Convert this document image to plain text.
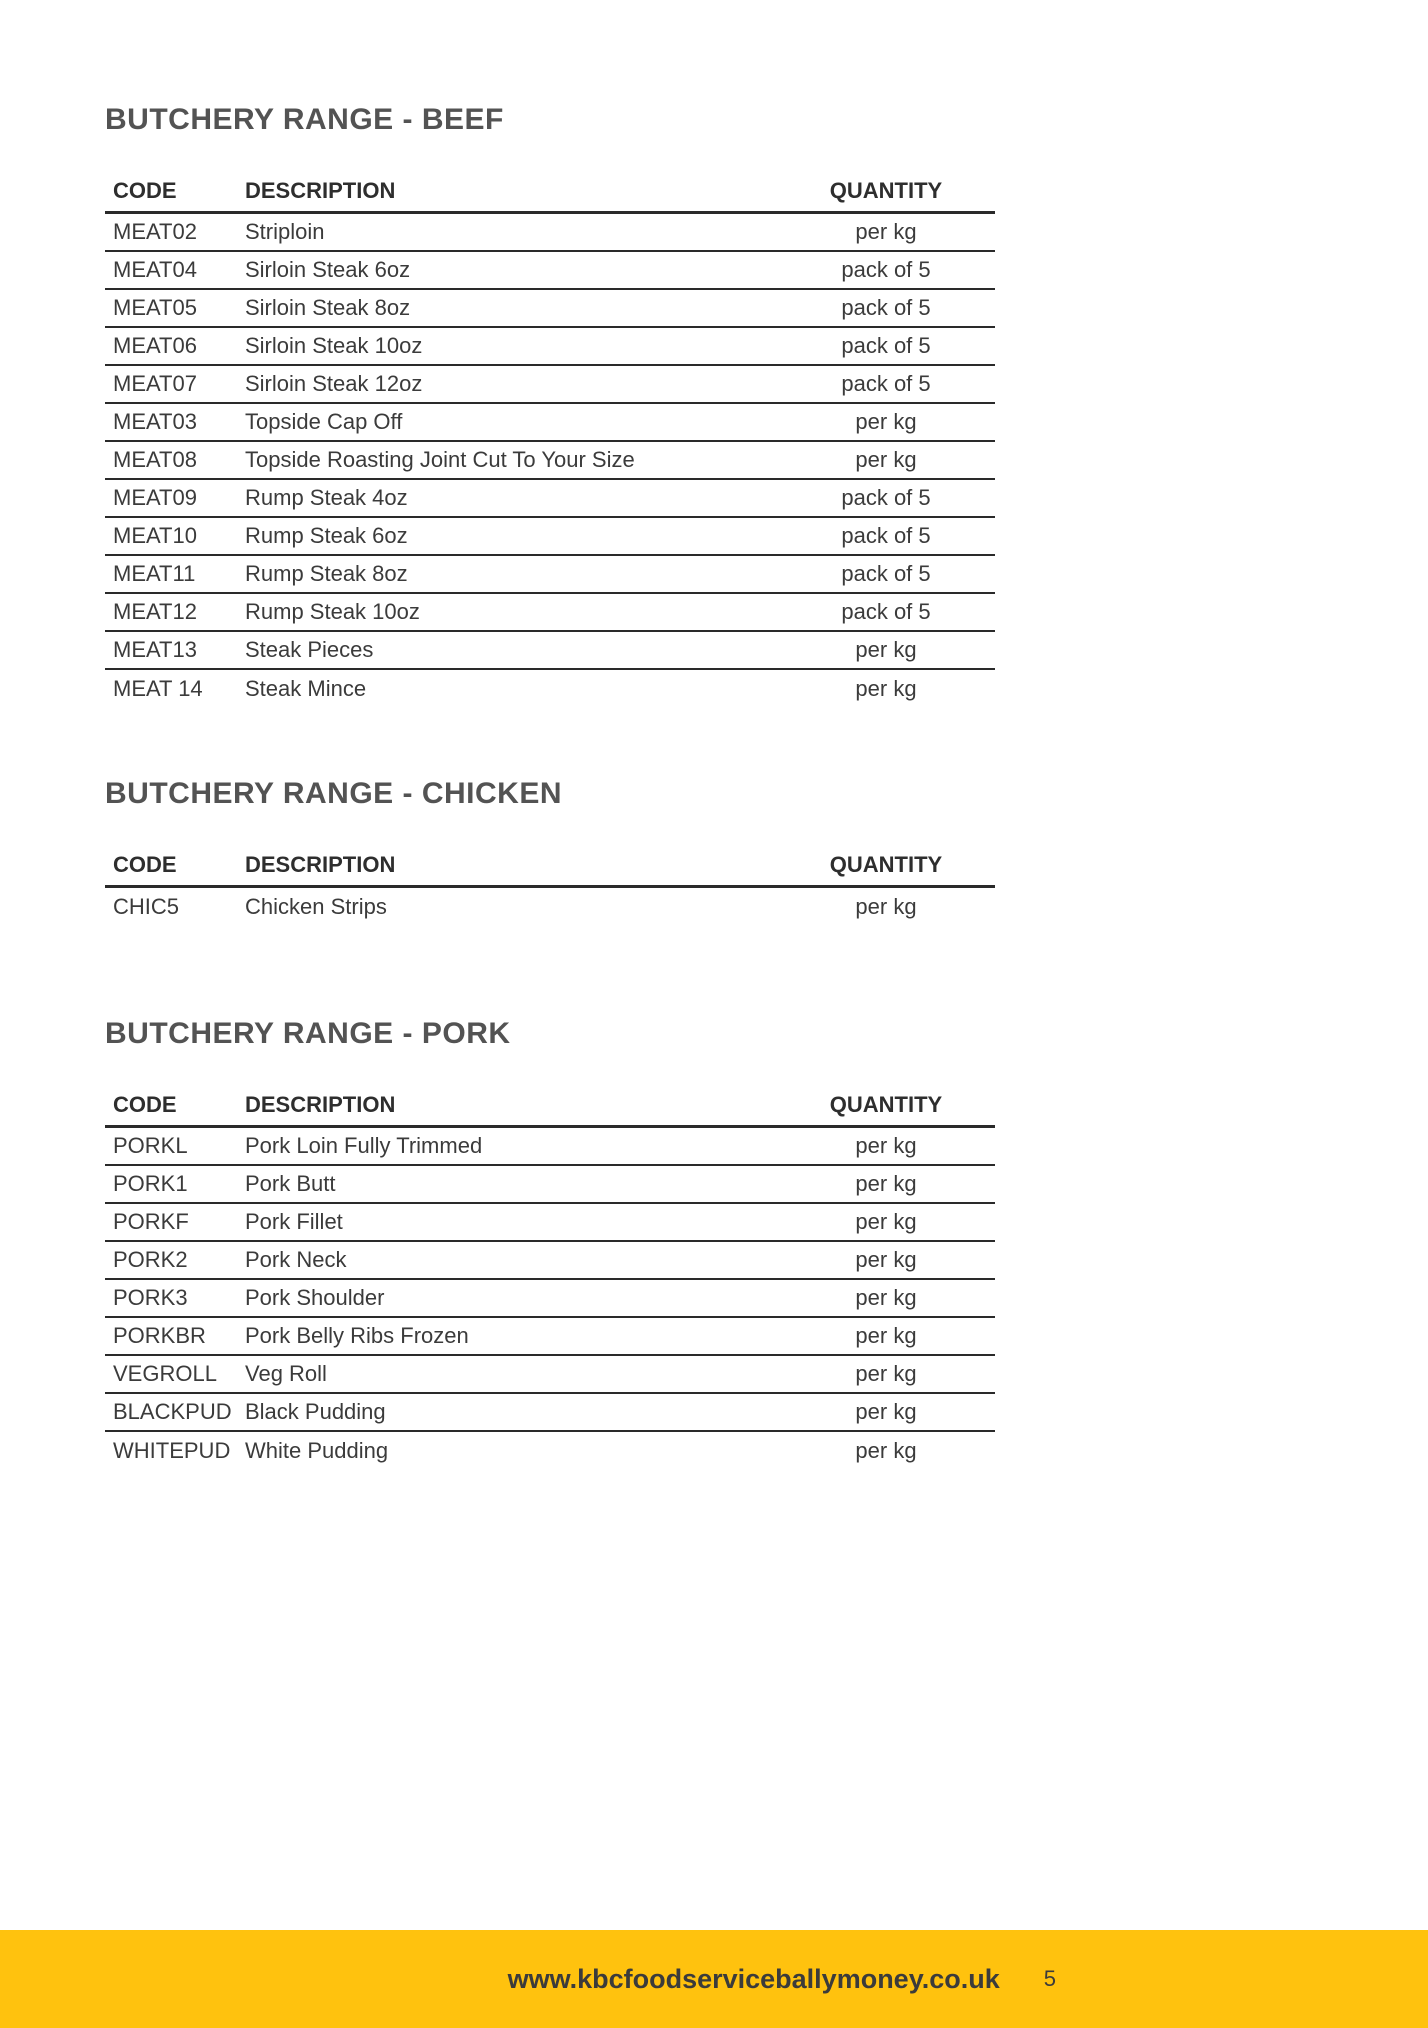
BUTCHERY RANGE - BEEF
CODE	DESCRIPTION	QUANTITY
MEAT02	Striploin	per kg
MEAT04	Sirloin Steak 6oz	pack of 5
MEAT05	Sirloin Steak 8oz	pack of 5
MEAT06	Sirloin Steak 10oz	pack of 5
MEAT07	Sirloin Steak 12oz	pack of 5
MEAT03	Topside Cap Off	per kg
MEAT08	Topside Roasting Joint Cut To Your Size	per kg
MEAT09	Rump Steak 4oz	pack of 5
MEAT10	Rump Steak 6oz	pack of 5
MEAT11	Rump Steak 8oz	pack of 5
MEAT12	Rump Steak 10oz	pack of 5
MEAT13	Steak Pieces	per kg
MEAT 14	Steak Mince	per kg
BUTCHERY RANGE - CHICKEN
CODE	DESCRIPTION	QUANTITY
CHIC5	Chicken Strips	per kg
BUTCHERY RANGE - PORK
CODE	DESCRIPTION	QUANTITY
PORKL	Pork Loin Fully Trimmed	per kg
PORK1	Pork Butt	per kg
PORKF	Pork Fillet	per kg
PORK2	Pork Neck	per kg
PORK3	Pork Shoulder	per kg
PORKBR	Pork Belly Ribs Frozen	per kg
VEGROLL	Veg Roll	per kg
BLACKPUD Black Pudding	per kg
WHITEPUD White Pudding	per kg
www.kbcfoodserviceballymoney.co.uk 5
